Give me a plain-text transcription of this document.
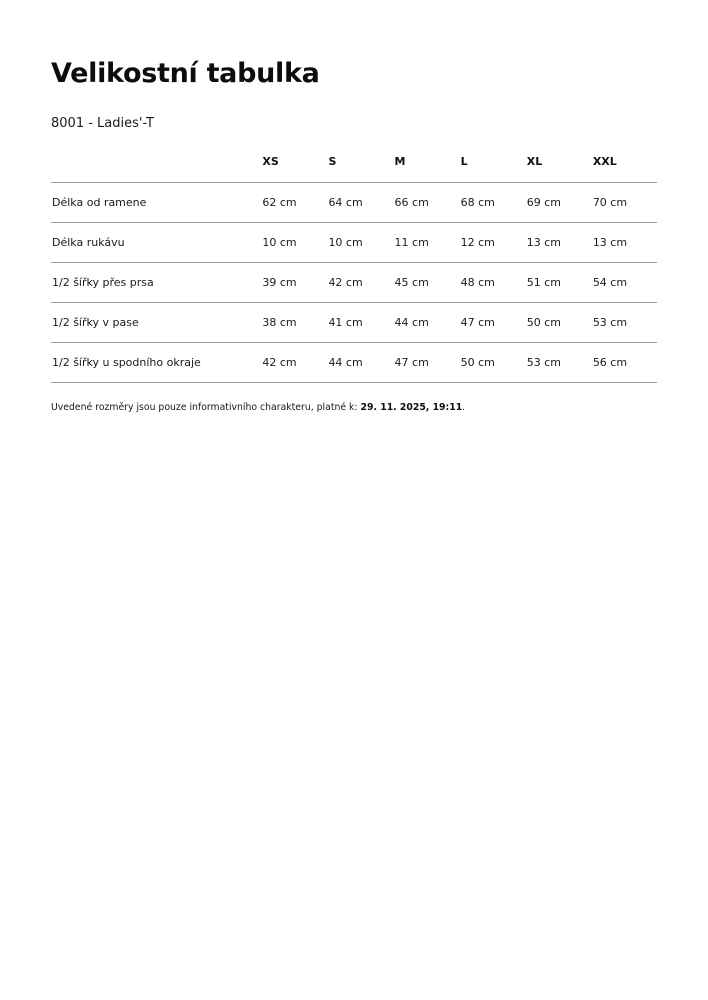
Velikostní tabulka
8001 - Ladies'-T
	XS	S	M	L	XL	XXL
Délka od ramene	62 cm	64 cm	66 cm	68 cm	69 cm	70 cm
Délka rukávu	10 cm	10 cm	11 cm	12 cm	13 cm	13 cm
1/2 šířky přes prsa	39 cm	42 cm	45 cm	48 cm	51 cm	54 cm
1/2 šířky v pase	38 cm	41 cm	44 cm	47 cm	50 cm	53 cm
1/2 šířky u spodního okraje	42 cm	44 cm	47 cm	50 cm	53 cm	56 cm
Uvedené rozměry jsou pouze informativního charakteru, platné k: 29. 11. 2025, 19:11.
